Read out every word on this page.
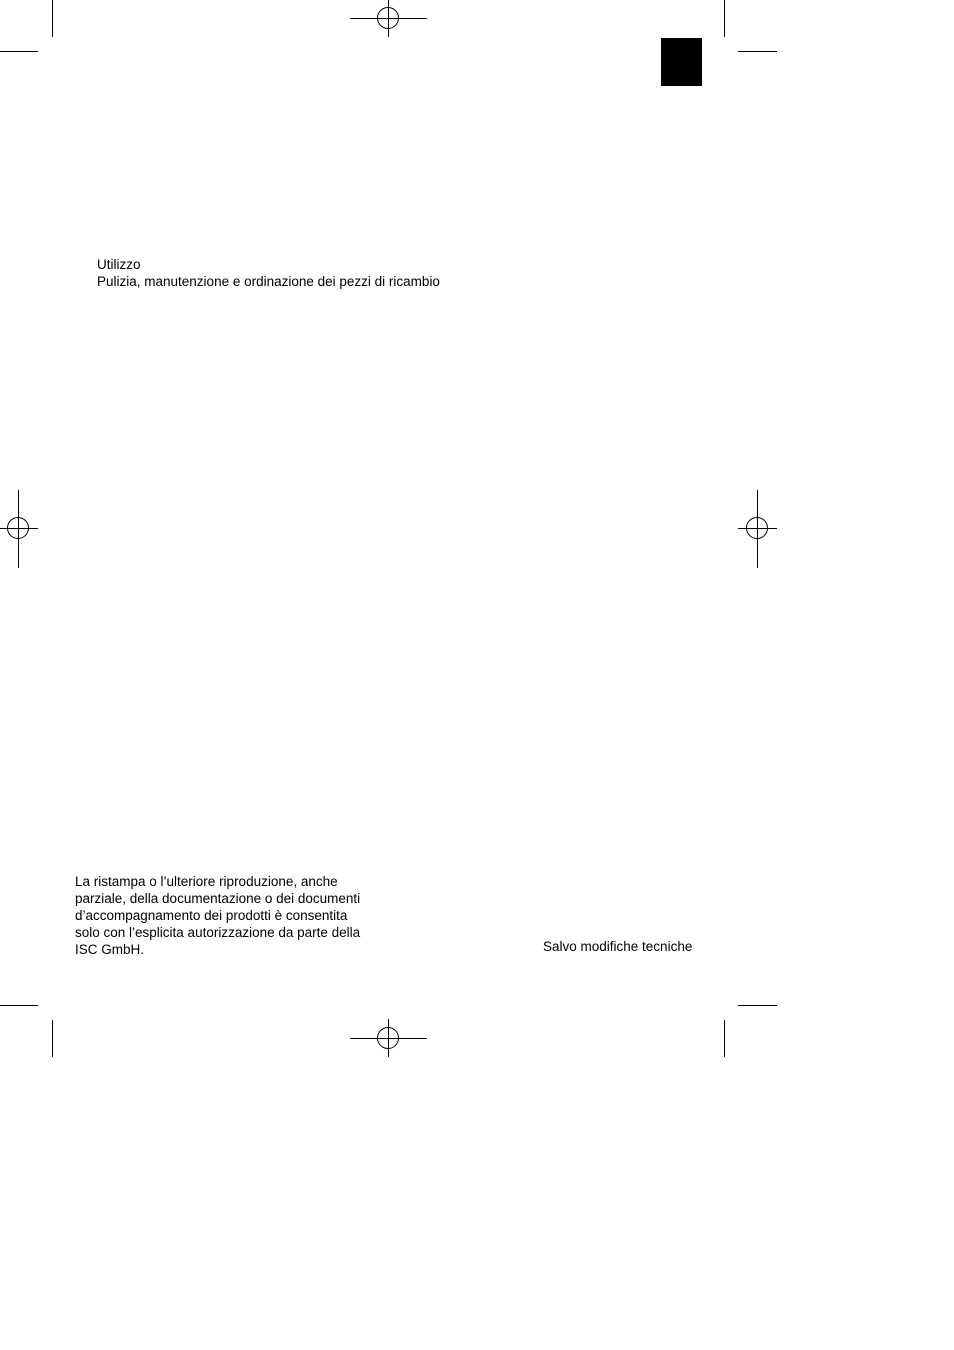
Utilizzo
Pulizia, manutenzione e ordinazione dei pezzi di ricambio
La ristampa o l’ulteriore riproduzione, anche
parziale, della documentazione o dei documenti
d’accompagnamento dei prodotti è consentita
solo con l’esplicita autorizzazione da parte della
ISC GmbH.	Salvo modifiche tecniche
